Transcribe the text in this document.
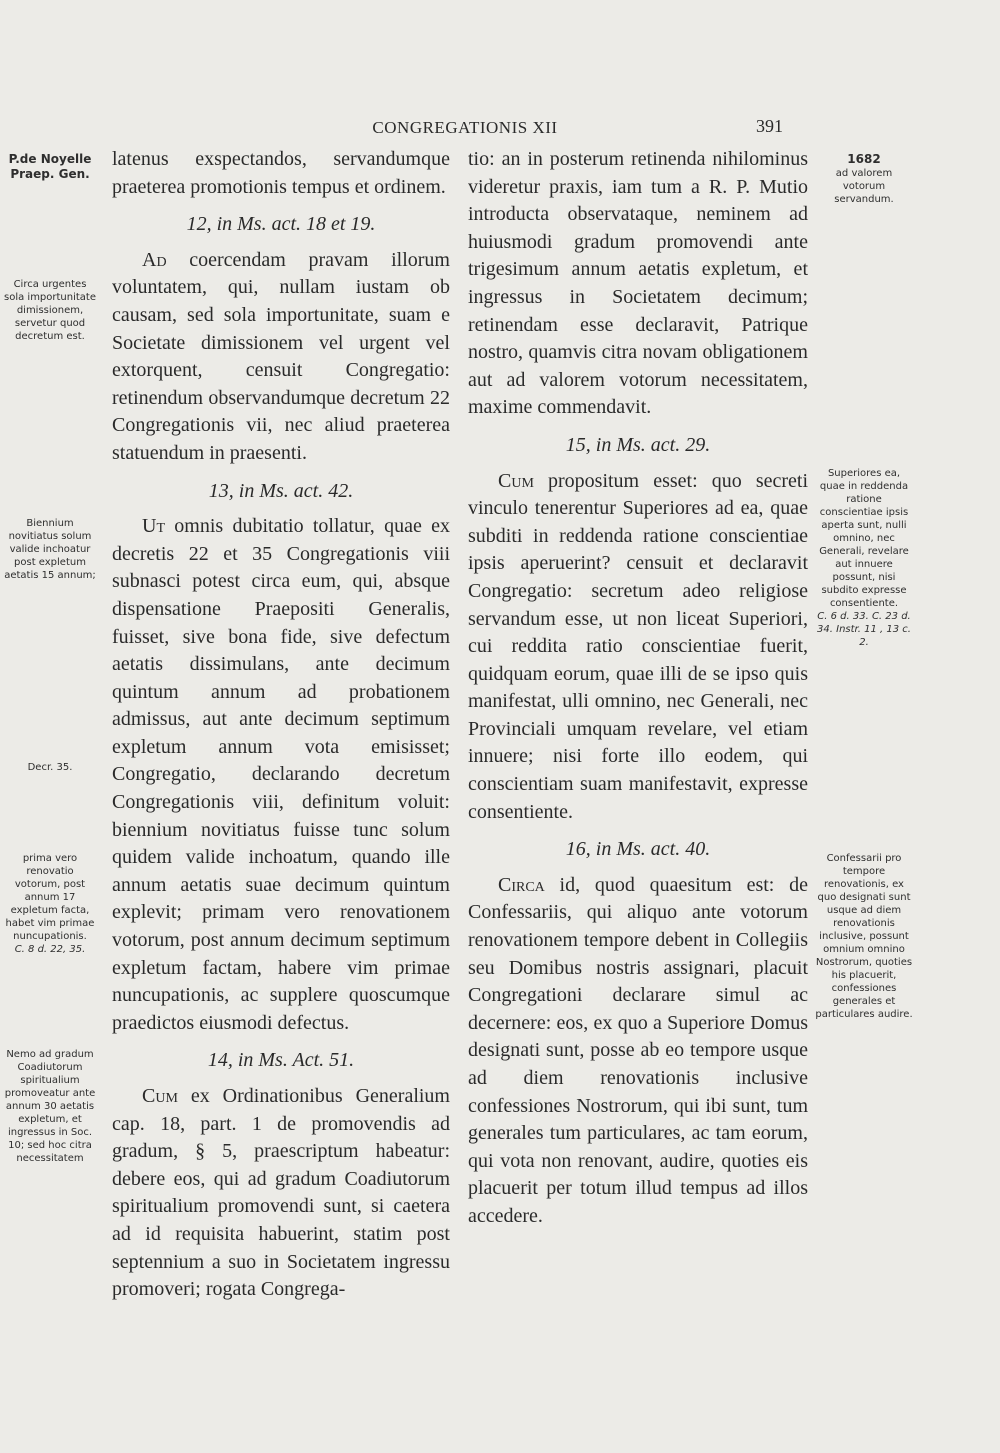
CONGREGATIONIS XII	391
P.de Noyelle
Praep. Gen.
Circa urgentes sola importunitate dimissionem, servetur quod decretum est.
Biennium novitiatus solum valide inchoatur post expletum aetatis 15 annum;
Decr. 35.
prima vero renovatio votorum, post annum 17 expletum facta, habet vim primae nuncupationis.
C. 8 d. 22, 35.
Nemo ad gradum Coadiutorum spiritualium promoveatur ante annum 30 aetatis expletum, et ingressus in Soc. 10; sed hoc citra necessitatem
1682
ad valorem votorum servandum.
Superiores ea, quae in reddenda ratione conscientiae ipsis aperta sunt, nulli omnino, nec Generali, revelare aut innuere possunt, nisi subdito expresse consentiente.
C. 6 d. 33. C. 23 d. 34. Instr. 11 , 13 c. 2.
Confessarii pro tempore renovationis, ex quo designati sunt usque ad diem renovationis inclusive, possunt omnium omnino Nostrorum, quoties his placuerit, confessiones generales et particulares audire.

latenus exspectandos, servandumque praeterea promotionis tempus et ordinem.

12, in Ms. act. 18 et 19.

Ad coercendam pravam illorum voluntatem, qui, nullam iustam ob causam, sed sola importunitate, suam e Societate dimissionem vel urgent vel extorquent, censuit Congregatio: retinendum observandumque decretum 22 Congregationis vii, nec aliud praeterea statuendum in praesenti.

13, in Ms. act. 42.

Ut omnis dubitatio tollatur, quae ex decretis 22 et 35 Congregationis viii subnasci potest circa eum, qui, absque dispensatione Praepositi Generalis, fuisset, sive bona fide, sive defectum aetatis dissimulans, ante decimum quintum annum ad probationem admissus, aut ante decimum septimum expletum annum vota emisisset; Congregatio, declarando decretum Congregationis viii, definitum voluit: biennium novitiatus fuisse tunc solum quidem valide inchoatum, quando ille annum aetatis suae decimum quintum explevit; primam vero renovationem votorum, post annum decimum septimum expletum factam, habere vim primae nuncupationis, ac supplere quoscumque praedictos eiusmodi defectus.

14, in Ms. Act. 51.

Cum ex Ordinationibus Generalium cap. 18, part. 1 de promovendis ad gradum, § 5, praescriptum habeatur: debere eos, qui ad gradum Coadiutorum spiritualium promovendi sunt, si caetera ad id requisita habuerint, statim post septennium a suo in Societatem ingressu promoveri; rogata Congrega-

tio: an in posterum retinenda nihilominus videretur praxis, iam tum a R. P. Mutio introducta observataque, neminem ad huiusmodi gradum promovendi ante trigesimum annum aetatis expletum, et ingressus in Societatem decimum; retinendam esse declaravit, Patrique nostro, quamvis citra novam obligationem aut ad valorem votorum necessitatem, maxime commendavit.

15, in Ms. act. 29.

Cum propositum esset: quo secreti vinculo tenerentur Superiores ad ea, quae subditi in reddenda ratione conscientiae ipsis aperuerint? censuit et declaravit Congregatio: secretum adeo religiose servandum esse, ut non liceat Superiori, cui reddita ratio conscientiae fuerit, quidquam eorum, quae illi de se ipso quis manifestat, ulli omnino, nec Generali, nec Provinciali umquam revelare, vel etiam innuere; nisi forte illo eodem, qui conscientiam suam manifestavit, expresse consentiente.

16, in Ms. act. 40.

Circa id, quod quaesitum est: de Confessariis, qui aliquo ante votorum renovationem tempore debent in Collegiis seu Domibus nostris assignari, placuit Congregationi declarare simul ac decernere: eos, ex quo a Superiore Domus designati sunt, posse ab eo tempore usque ad diem renovationis inclusive confessiones Nostrorum, qui ibi sunt, tum generales tum particulares, ac tam eorum, qui vota non renovant, audire, quoties eis placuerit per totum illud tempus ad illos accedere.
